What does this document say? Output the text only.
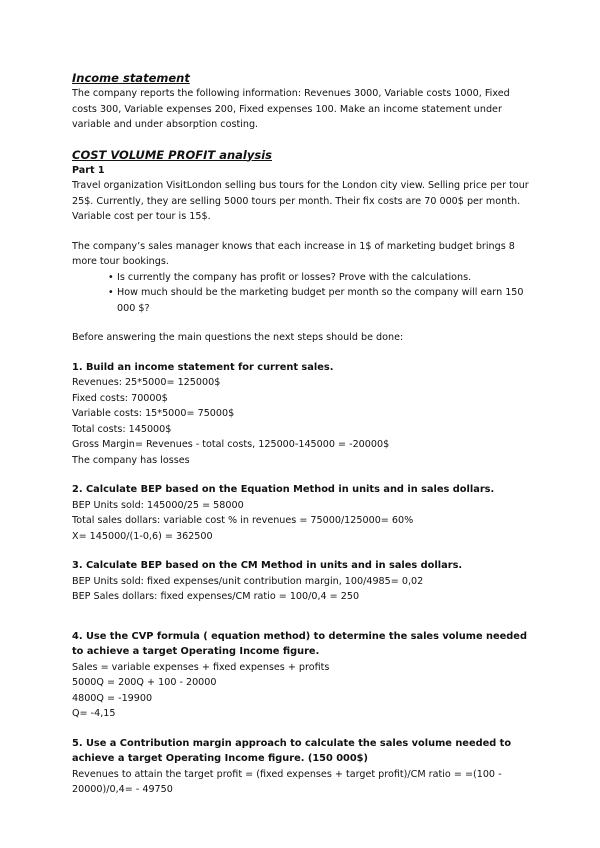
Income statement

The company reports the following information: Revenues 3000, Variable costs 1000, Fixed costs 300, Variable expenses 200, Fixed expenses 100. Make an income statement under variable and under absorption costing.

COST VOLUME PROFIT analysis

Part 1

Travel organization VisitLondon selling bus tours for the London city view. Selling price per tour 25$. Currently, they are selling 5000 tours per month. Their fix costs are 70 000$ per month. Variable cost per tour is 15$.

The company’s sales manager knows that each increase in 1$ of marketing budget brings 8 more tour bookings.

• Is currently the company has profit or losses? Prove with the calculations.
• How much should be the marketing budget per month so the company will earn 150 000 $?

Before answering the main questions the next steps should be done:

1. Build an income statement for current sales.

Revenues: 25*5000= 125000$

Fixed costs: 70000$

Variable costs: 15*5000= 75000$

Total costs: 145000$

Gross Margin= Revenues - total costs, 125000-145000 = -20000$

The company has losses

2. Calculate BEP based on the Equation Method in units and in sales dollars.

BEP Units sold: 145000/25 = 58000

Total sales dollars: variable cost % in revenues = 75000/125000= 60%

X= 145000/(1-0,6) = 362500

3. Calculate BEP based on the CM Method in units and in sales dollars.

BEP Units sold: fixed expenses/unit contribution margin, 100/4985= 0,02

BEP Sales dollars: fixed expenses/CM ratio = 100/0,4 = 250

4. Use the CVP formula ( equation method) to determine the sales volume needed to achieve a target Operating Income figure.

Sales = variable expenses + fixed expenses + profits

5000Q = 200Q + 100 - 20000

4800Q = -19900

Q= -4,15

5. Use a Contribution margin approach to calculate the sales volume needed to achieve a target Operating Income figure. (150 000$)

Revenues to attain the target profit = (fixed expenses + target profit)/CM ratio = =(100 - 20000)/0,4= - 49750
